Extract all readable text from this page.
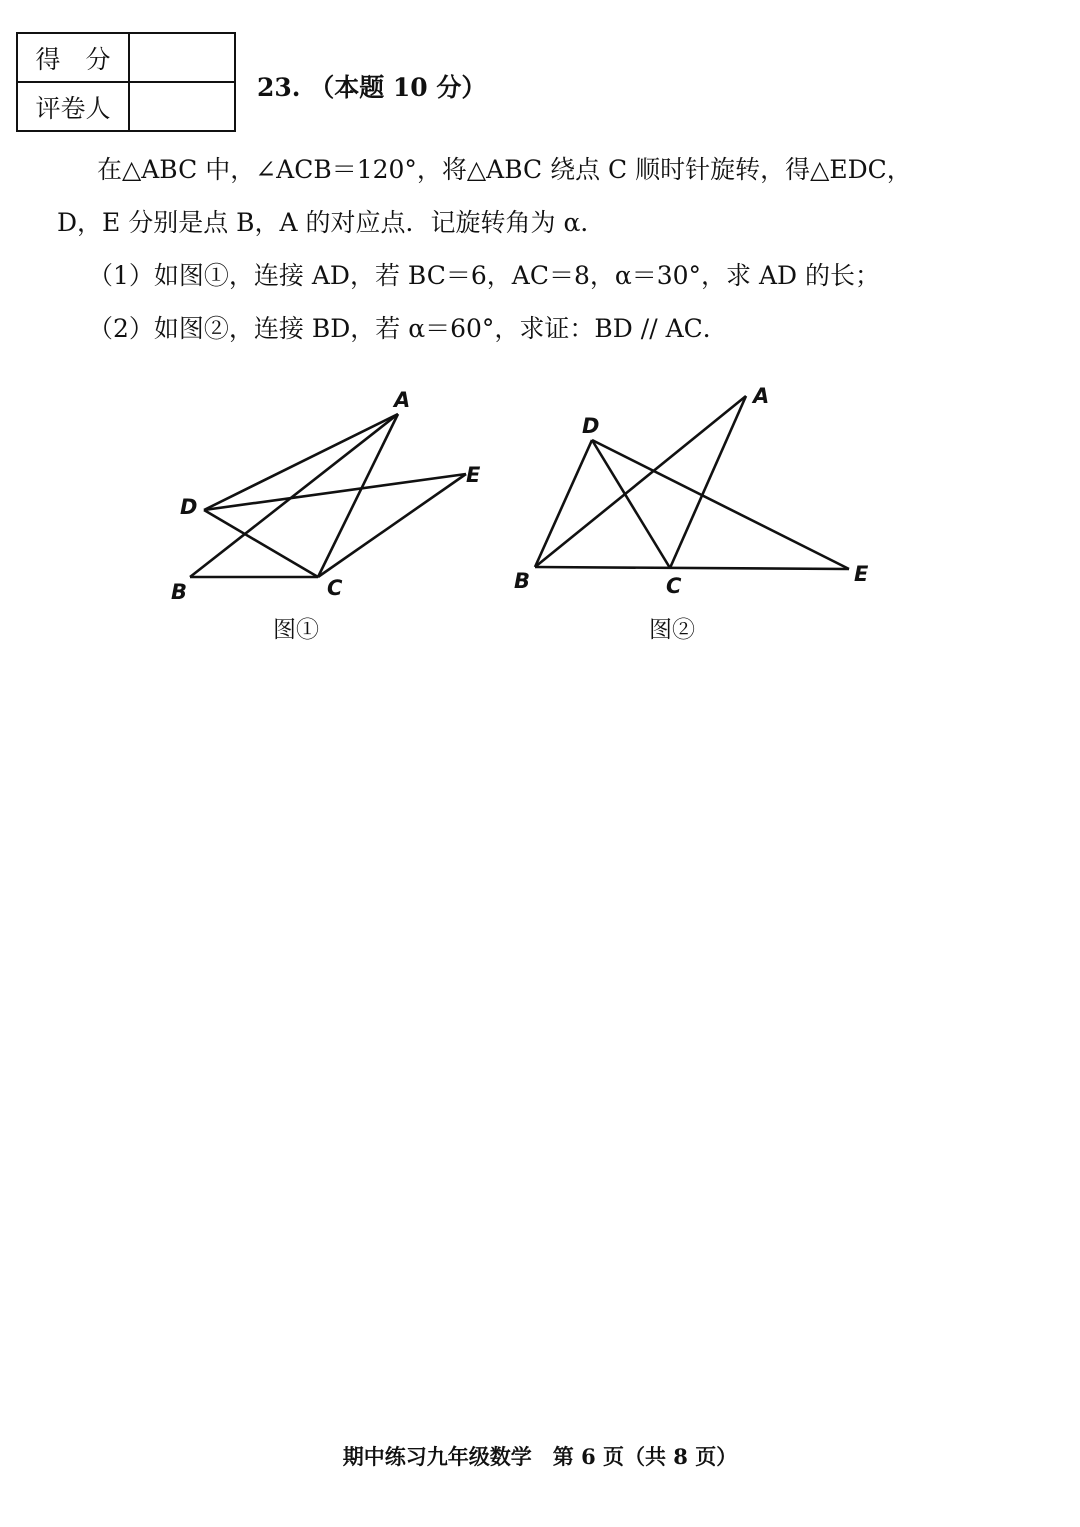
得　分	
评卷人	
23. （本题 10 分）
在△ABC 中，∠ACB＝120°，将△ABC 绕点 C 顺时针旋转，得△EDC，
D，E 分别是点 B，A 的对应点．记旋转角为 α．
（1）如图①，连接 AD，若 BC＝6，AC＝8，α＝30°，求 AD 的长；
（2）如图②，连接 BD，若 α＝60°，求证：BD // AC．
A
D
E
B	C
图①
A
D
B	C	E
图②
期中练习九年级数学　第 6 页（共 8 页）
